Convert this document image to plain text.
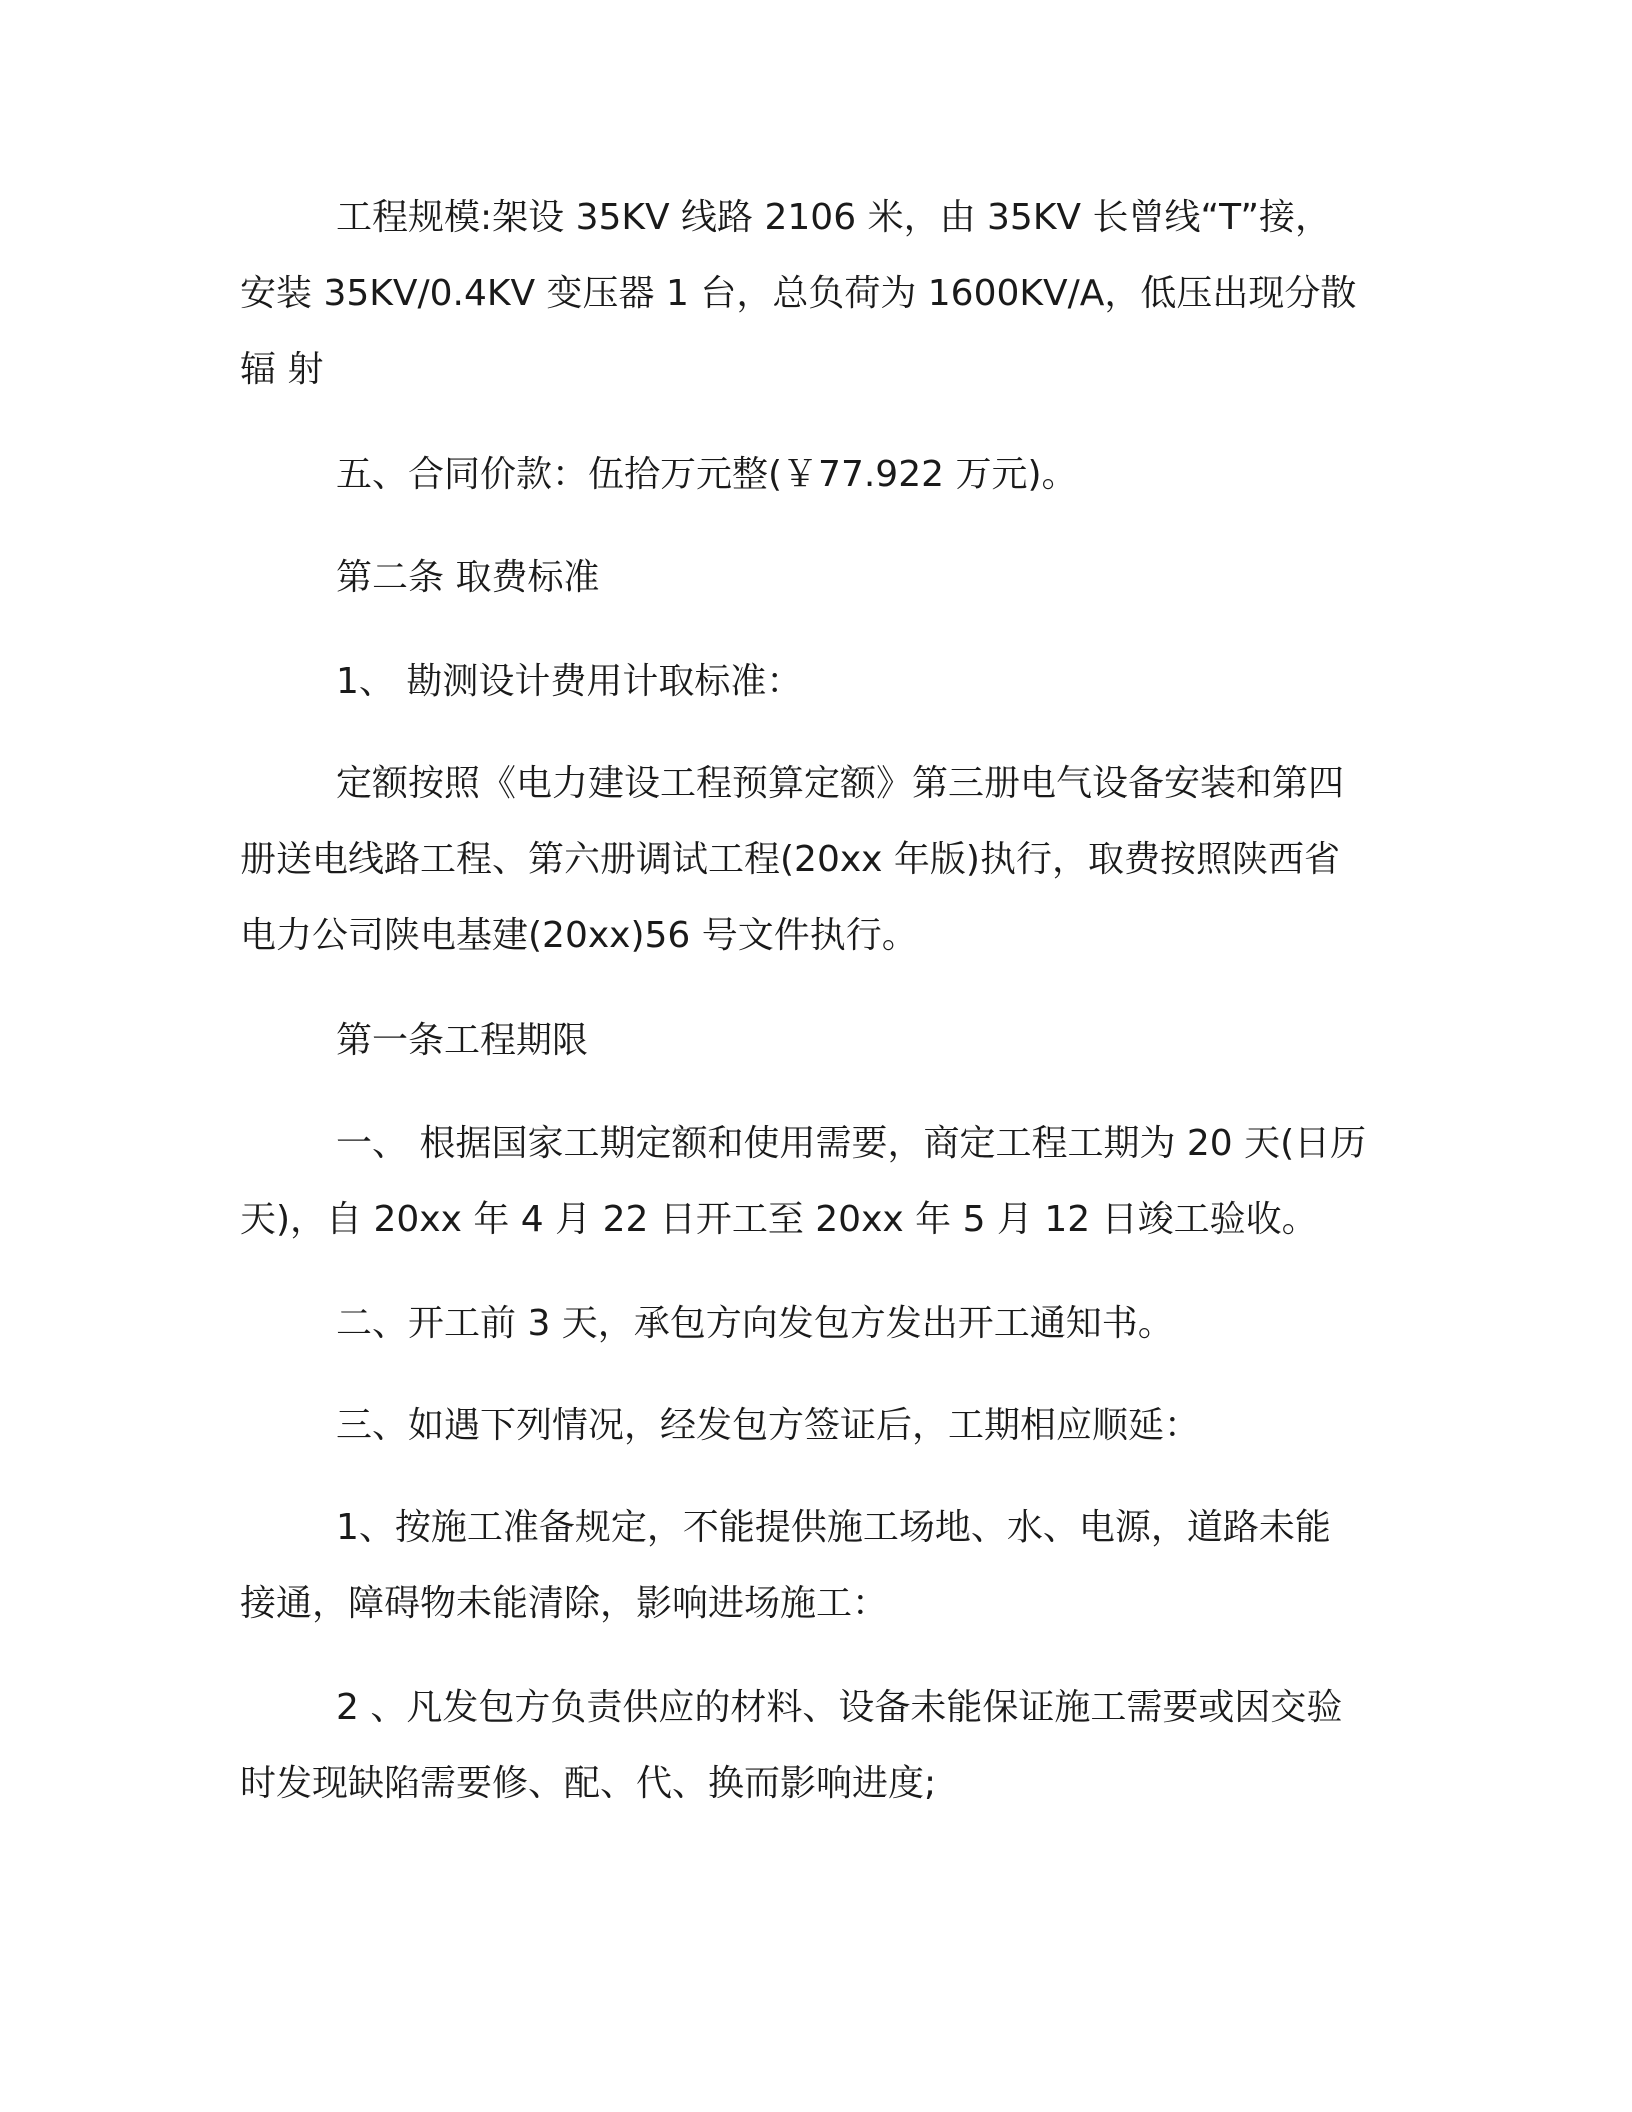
工程规模:架设 35KV 线路 2106 米，由 35KV 长曾线“T”接，
安装 35KV/0.4KV 变压器 1 台，总负荷为 1600KV/A，低压出现分散
辐 射
五、合同价款：伍拾万元整(￥77.922 万元)。
第二条 取费标准
1、 勘测设计费用计取标准：
定额按照《电力建设工程预算定额》第三册电气设备安装和第四
册送电线路工程、第六册调试工程(20xx 年版)执行，取费按照陕西省
电力公司陕电基建(20xx)56 号文件执行。
第一条工程期限
一、 根据国家工期定额和使用需要，商定工程工期为 20 天(日历
天)，自 20xx 年 4 月 22 日开工至 20xx 年 5 月 12 日竣工验收。
二、开工前 3 天，承包方向发包方发出开工通知书。
三、如遇下列情况，经发包方签证后，工期相应顺延：
1、按施工准备规定，不能提供施工场地、水、电源，道路未能
接通，障碍物未能清除，影响进场施工：
2 、凡发包方负责供应的材料、设备未能保证施工需要或因交验
时发现缺陷需要修、配、代、换而影响进度;
